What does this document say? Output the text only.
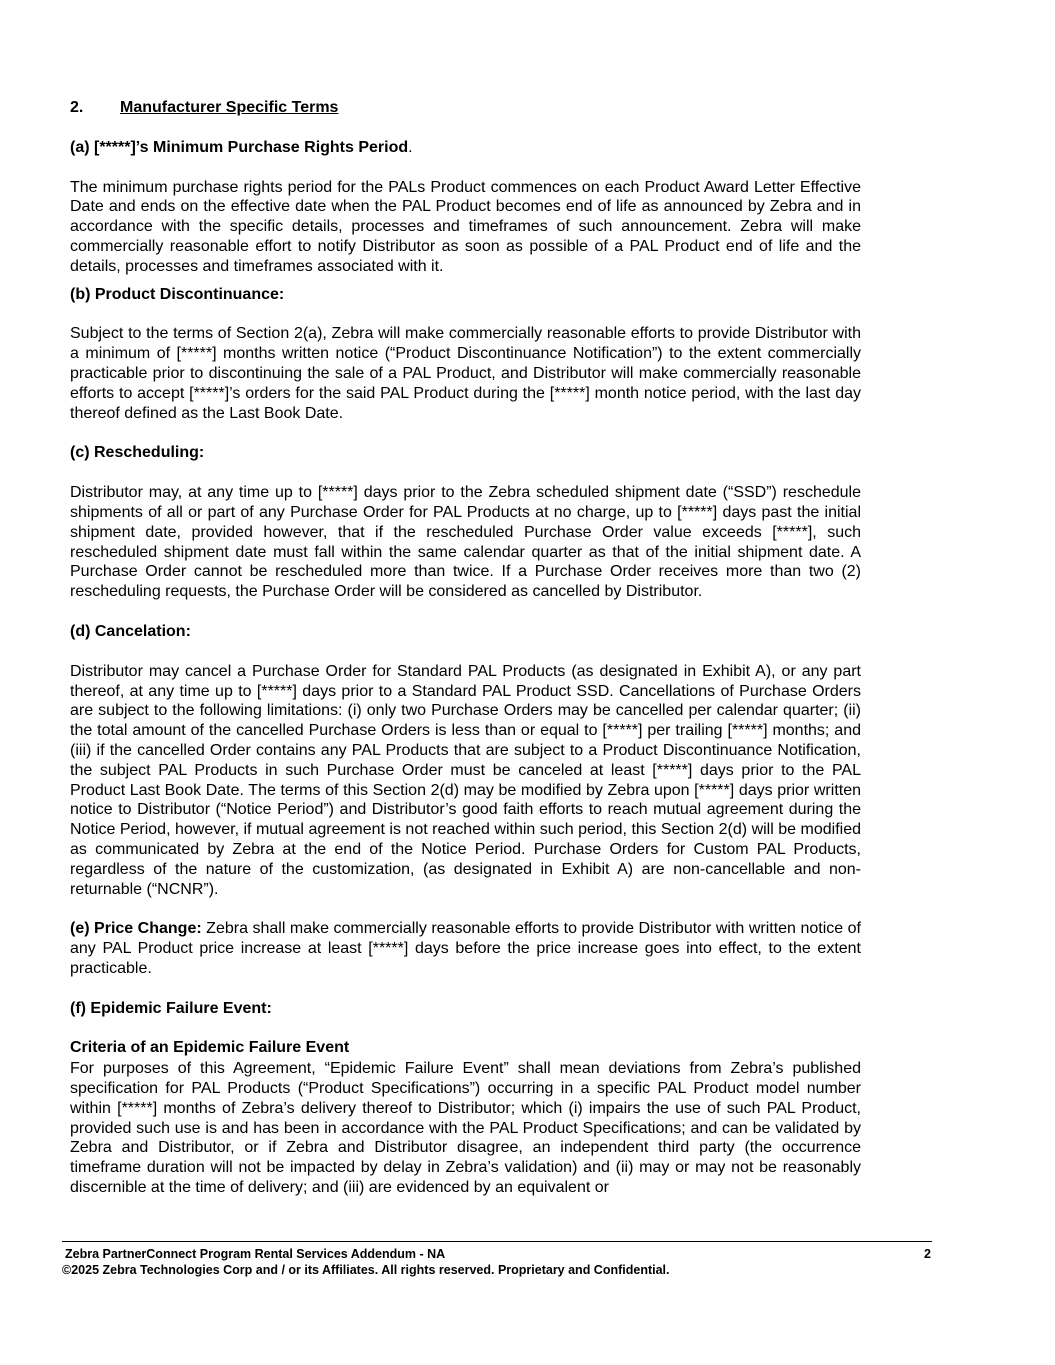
2. Manufacturer Specific Terms

(a) [*****]’s Minimum Purchase Rights Period.

The minimum purchase rights period for the PALs Product commences on each Product Award Letter Effective Date and ends on the effective date when the PAL Product becomes end of life as announced by Zebra and in accordance with the specific details, processes and timeframes of such announcement. Zebra will make commercially reasonable effort to notify Distributor as soon as possible of a PAL Product end of life and the details, processes and timeframes associated with it.

(b) Product Discontinuance:

Subject to the terms of Section 2(a), Zebra will make commercially reasonable efforts to provide Distributor with a minimum of [*****] months written notice (“Product Discontinuance Notification”) to the extent commercially practicable prior to discontinuing the sale of a PAL Product, and Distributor will make commercially reasonable efforts to accept [*****]’s orders for the said PAL Product during the [*****] month notice period, with the last day thereof defined as the Last Book Date.

(c) Rescheduling:

Distributor may, at any time up to [*****] days prior to the Zebra scheduled shipment date (“SSD”) reschedule shipments of all or part of any Purchase Order for PAL Products at no charge, up to [*****] days past the initial shipment date, provided however, that if the rescheduled Purchase Order value exceeds [*****], such rescheduled shipment date must fall within the same calendar quarter as that of the initial shipment date. A Purchase Order cannot be rescheduled more than twice. If a Purchase Order receives more than two (2) rescheduling requests, the Purchase Order will be considered as cancelled by Distributor.

(d) Cancelation:

Distributor may cancel a Purchase Order for Standard PAL Products (as designated in Exhibit A), or any part thereof, at any time up to [*****] days prior to a Standard PAL Product SSD. Cancellations of Purchase Orders are subject to the following limitations: (i) only two Purchase Orders may be cancelled per calendar quarter; (ii) the total amount of the cancelled Purchase Orders is less than or equal to [*****] per trailing [*****] months; and (iii) if the cancelled Order contains any PAL Products that are subject to a Product Discontinuance Notification, the subject PAL Products in such Purchase Order must be canceled at least [*****] days prior to the PAL Product Last Book Date. The terms of this Section 2(d) may be modified by Zebra upon [*****] days prior written notice to Distributor (“Notice Period”) and Distributor’s good faith efforts to reach mutual agreement during the Notice Period, however, if mutual agreement is not reached within such period, this Section 2(d) will be modified as communicated by Zebra at the end of the Notice Period. Purchase Orders for Custom PAL Products, regardless of the nature of the customization, (as designated in Exhibit A) are non-cancellable and non-returnable (“NCNR”).

(e) Price Change: Zebra shall make commercially reasonable efforts to provide Distributor with written notice of any PAL Product price increase at least [*****] days before the price increase goes into effect, to the extent practicable.

(f) Epidemic Failure Event:

Criteria of an Epidemic Failure Event

For purposes of this Agreement, “Epidemic Failure Event” shall mean deviations from Zebra’s published specification for PAL Products (“Product Specifications”) occurring in a specific PAL Product model number within [*****] months of Zebra’s delivery thereof to Distributor; which (i) impairs the use of such PAL Product, provided such use is and has been in accordance with the PAL Product Specifications; and can be validated by Zebra and Distributor, or if Zebra and Distributor disagree, an independent third party (the occurrence timeframe duration will not be impacted by delay in Zebra’s validation) and (ii) may or may not be reasonably discernible at the time of delivery; and (iii) are evidenced by an equivalent or

Zebra PartnerConnect Program Rental Services Addendum - NA	2
©2025 Zebra Technologies Corp and / or its Affiliates. All rights reserved. Proprietary and Confidential.
